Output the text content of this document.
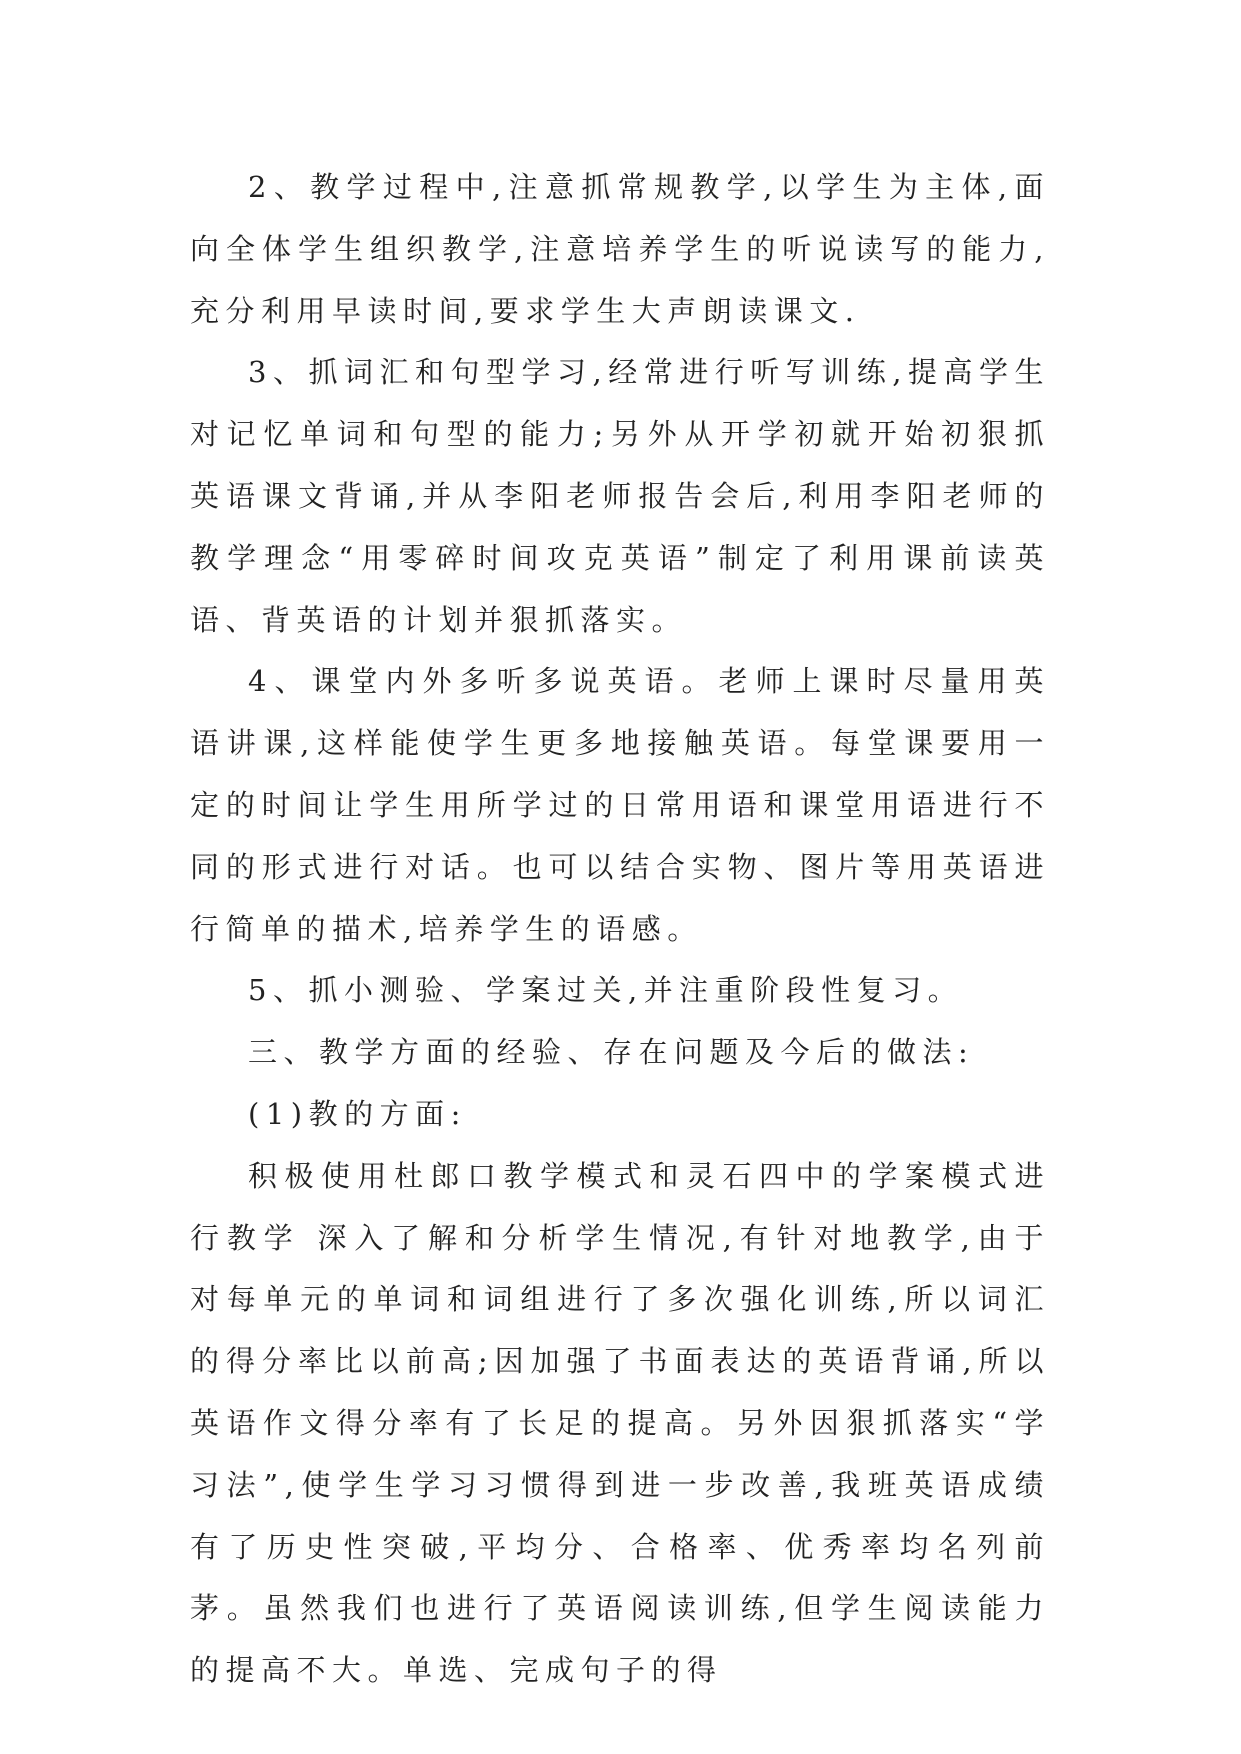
2、教学过程中,注意抓常规教学,以学生为主体,面向全体学生组织教学,注意培养学生的听说读写的能力,充分利用早读时间,要求学生大声朗读课文.

3、抓词汇和句型学习,经常进行听写训练,提高学生对记忆单词和句型的能力;另外从开学初就开始初狠抓英语课文背诵,并从李阳老师报告会后,利用李阳老师的教学理念“用零碎时间攻克英语”制定了利用课前读英语、背英语的计划并狠抓落实。

4、课堂内外多听多说英语。老师上课时尽量用英语讲课,这样能使学生更多地接触英语。每堂课要用一定的时间让学生用所学过的日常用语和课堂用语进行不同的形式进行对话。也可以结合实物、图片等用英语进行简单的描术,培养学生的语感。

5、抓小测验、学案过关,并注重阶段性复习。

三、教学方面的经验、存在问题及今后的做法:

(1)教的方面:

积极使用杜郎口教学模式和灵石四中的学案模式进行教学 深入了解和分析学生情况,有针对地教学,由于对每单元的单词和词组进行了多次强化训练,所以词汇的得分率比以前高;因加强了书面表达的英语背诵,所以英语作文得分率有了长足的提高。另外因狠抓落实“学习法”,使学生学习习惯得到进一步改善,我班英语成绩有了历史性突破,平均分、合格率、优秀率均名列前茅。虽然我们也进行了英语阅读训练,但学生阅读能力的提高不大。单选、完成句子的得
